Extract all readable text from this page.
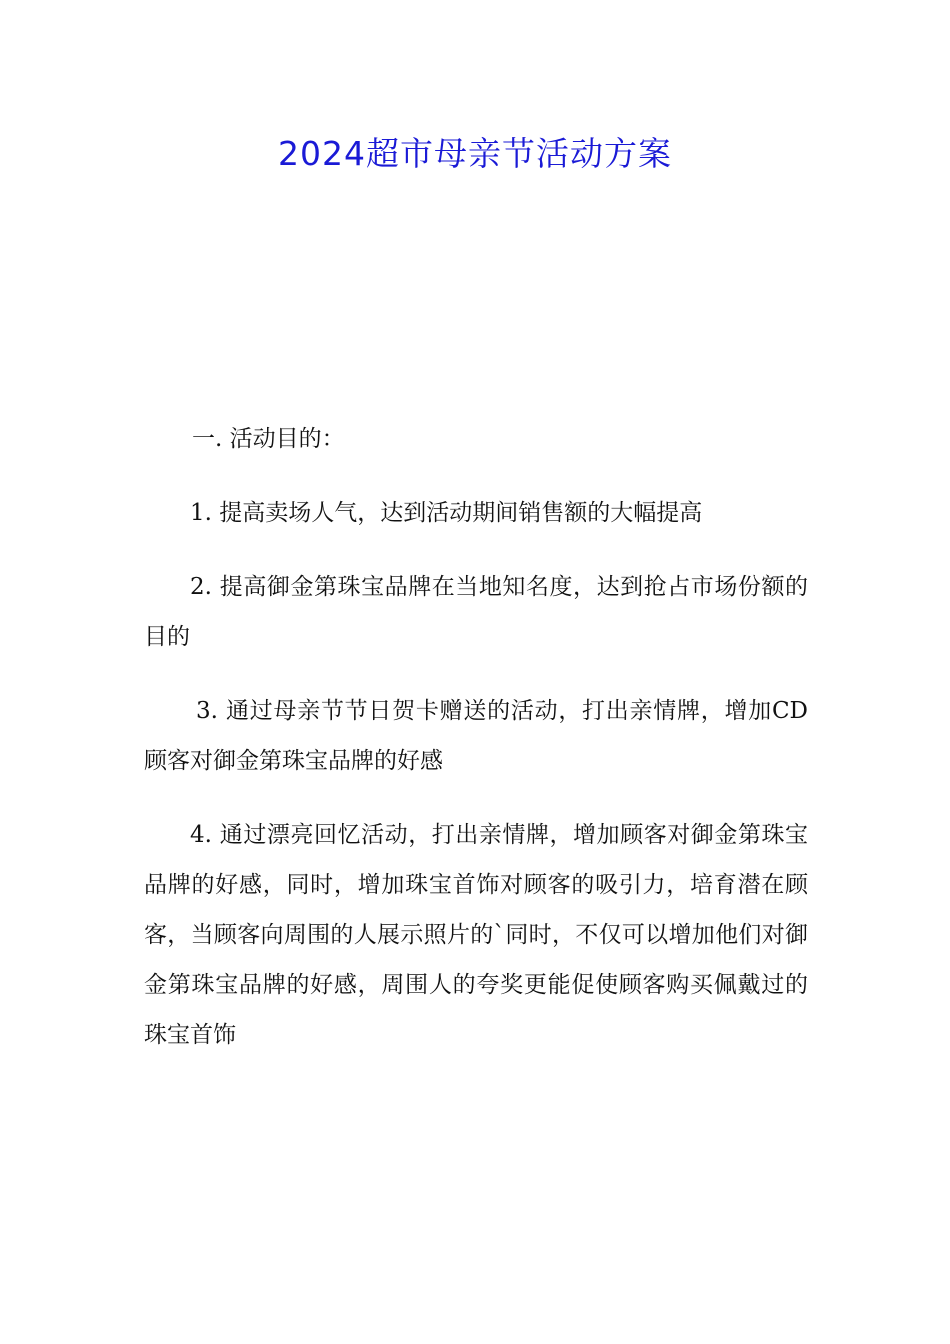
2024超市母亲节活动方案

一. 活动目的：

1. 提高卖场人气，达到活动期间销售额的大幅提高

2. 提高御金第珠宝品牌在当地知名度，达到抢占市场份额的目的

3. 通过母亲节节日贺卡赠送的活动，打出亲情牌，增加CD顾客对御金第珠宝品牌的好感

4. 通过漂亮回忆活动，打出亲情牌，增加顾客对御金第珠宝品牌的好感，同时，增加珠宝首饰对顾客的吸引力，培育潜在顾客，当顾客向周围的人展示照片的`同时，不仅可以增加他们对御金第珠宝品牌的好感，周围人的夸奖更能促使顾客购买佩戴过的珠宝首饰
